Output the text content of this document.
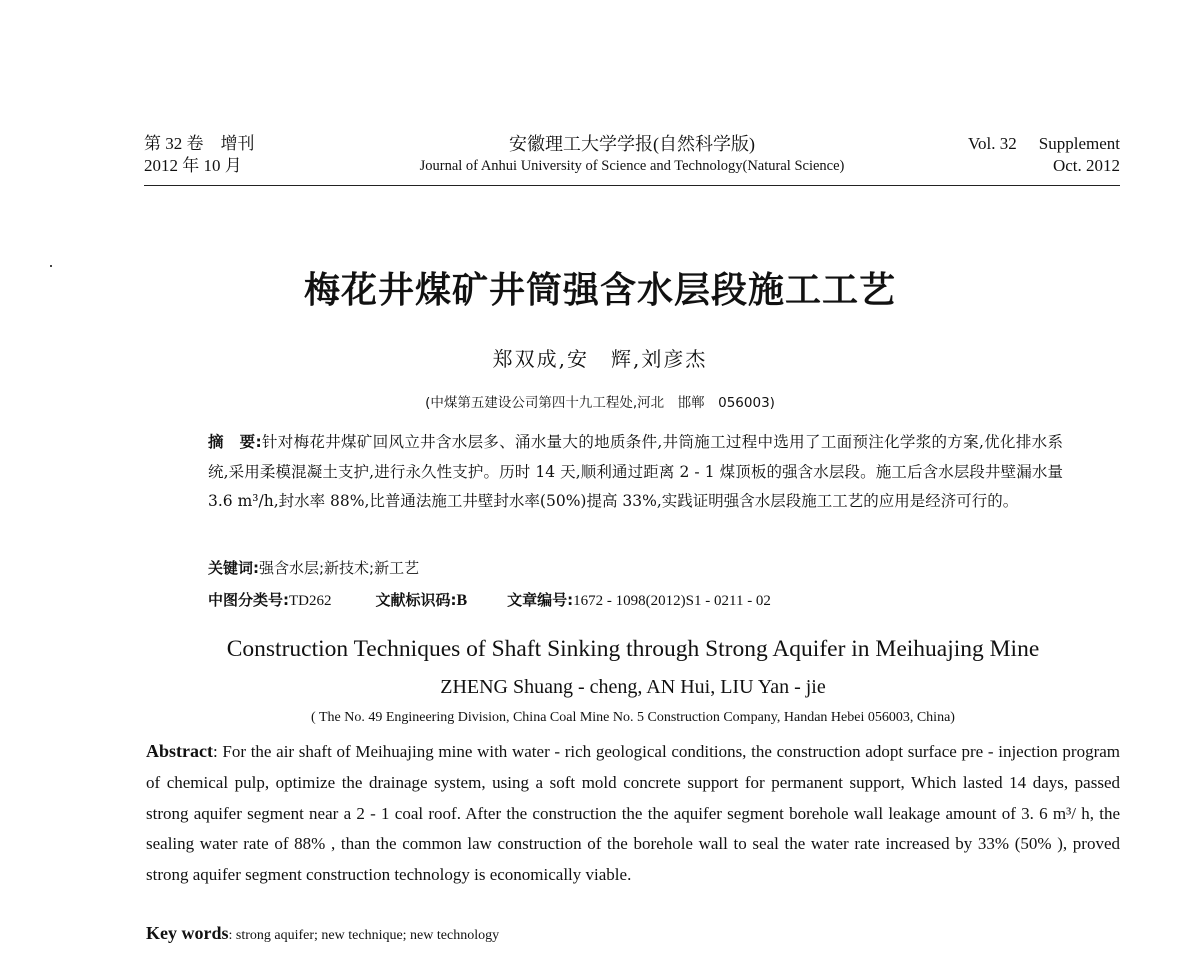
第 32 卷　增刊
2012 年 10 月
安徽理工大学学报(自然科学版)
Journal of Anhui University of Science and Technology(Natural Science)
Vol. 32 Supplement
Oct. 2012
梅花井煤矿井筒强含水层段施工工艺
郑双成,安　辉,刘彦杰
(中煤第五建设公司第四十九工程处,河北　邯郸　056003)
摘　要:针对梅花井煤矿回风立井含水层多、涌水量大的地质条件,井筒施工过程中选用了工面预注化学浆的方案,优化排水系统,采用柔模混凝土支护,进行永久性支护。历时 14 天,顺利通过距离 2 - 1 煤顶板的强含水层段。施工后含水层段井壁漏水量 3.6 m³/h,封水率 88%,比普通法施工井壁封水率(50%)提高 33%,实践证明强含水层段施工工艺的应用是经济可行的。
关键词:强含水层;新技术;新工艺
中图分类号:TD262	文献标识码:B	文章编号:1672 - 1098(2012)S1 - 0211 - 02
Construction Techniques of Shaft Sinking through Strong Aquifer in Meihuajing Mine
ZHENG Shuang - cheng, AN Hui, LIU Yan - jie
( The No. 49 Engineering Division, China Coal Mine No. 5 Construction Company, Handan Hebei 056003, China)
Abstract: For the air shaft of Meihuajing mine with water - rich geological conditions, the construction adopt surface pre - injection program of chemical pulp, optimize the drainage system, using a soft mold concrete support for permanent support, Which lasted 14 days, passed strong aquifer segment near a 2 - 1 coal roof. After the construction the the aquifer segment borehole wall leakage amount of 3. 6 m³/ h, the sealing water rate of 88% , than the common law construction of the borehole wall to seal the water rate increased by 33% (50% ), proved strong aquifer segment construction technology is economically viable.
Key words: strong aquifer; new technique; new technology
